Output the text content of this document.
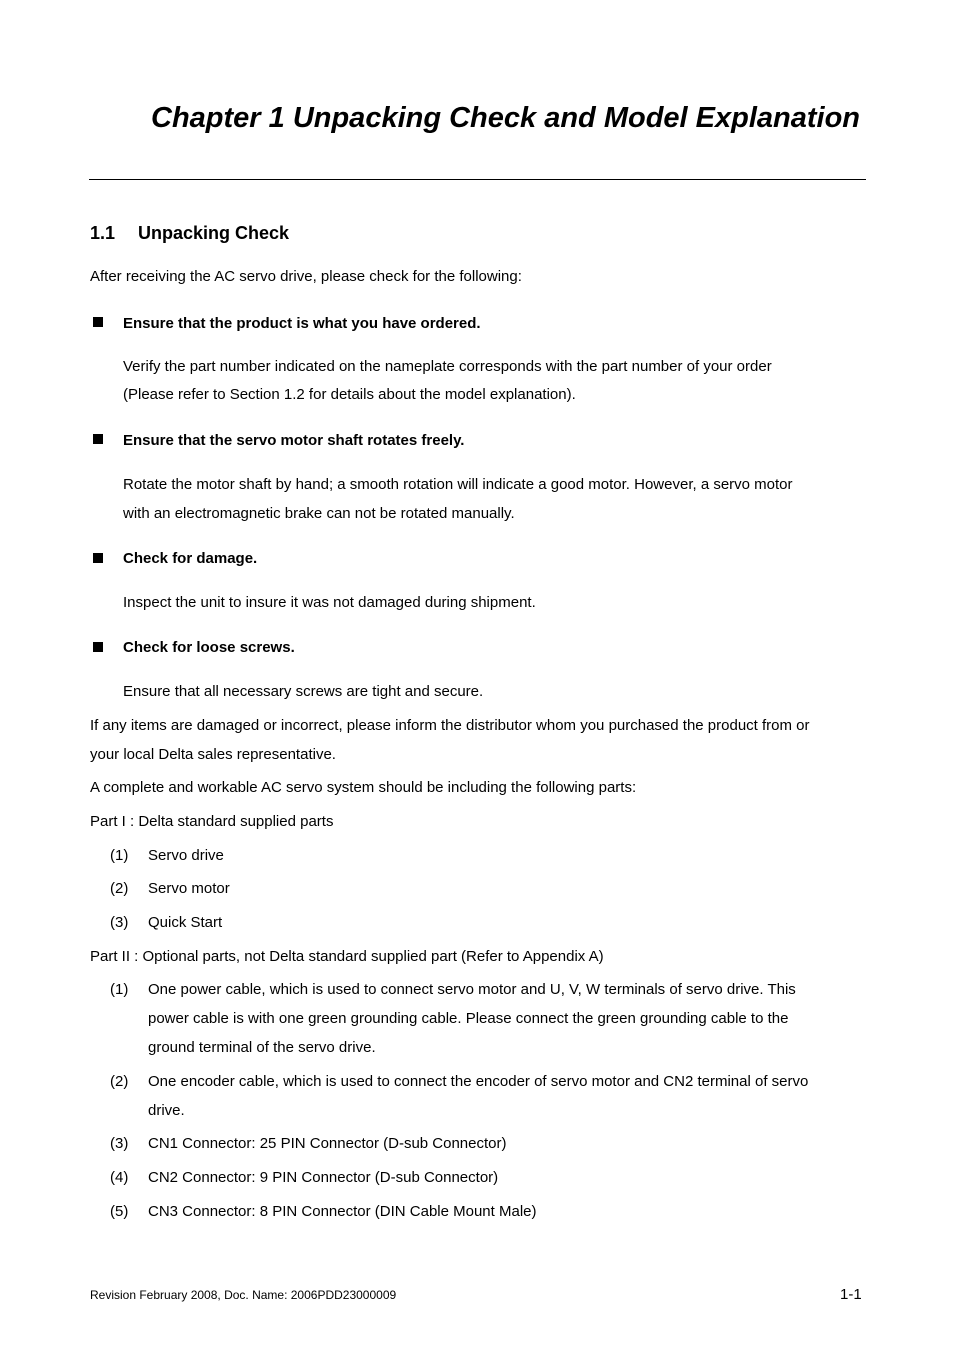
Chapter 1 Unpacking Check and Model Explanation
1.1 Unpacking Check
After receiving the AC servo drive, please check for the following:
Ensure that the product is what you have ordered.
Verify the part number indicated on the nameplate corresponds with the part number of your order
(Please refer to Section 1.2 for details about the model explanation).
Ensure that the servo motor shaft rotates freely.
Rotate the motor shaft by hand; a smooth rotation will indicate a good motor. However, a servo motor
with an electromagnetic brake can not be rotated manually.
Check for damage.
Inspect the unit to insure it was not damaged during shipment.
Check for loose screws.
Ensure that all necessary screws are tight and secure.
If any items are damaged or incorrect, please inform the distributor whom you purchased the product from or
your local Delta sales representative.
A complete and workable AC servo system should be including the following parts:
Part I : Delta standard supplied parts
(1) Servo drive
(2) Servo motor
(3) Quick Start
Part II : Optional parts, not Delta standard supplied part (Refer to Appendix A)
(1) One power cable, which is used to connect servo motor and U, V, W terminals of servo drive. This
power cable is with one green grounding cable. Please connect the green grounding cable to the
ground terminal of the servo drive.
(2) One encoder cable, which is used to connect the encoder of servo motor and CN2 terminal of servo
drive.
(3) CN1 Connector: 25 PIN Connector (D-sub Connector)
(4) CN2 Connector: 9 PIN Connector (D-sub Connector)
(5) CN3 Connector: 8 PIN Connector (DIN Cable Mount Male)
Revision February 2008, Doc. Name: 2006PDD23000009	1-1
